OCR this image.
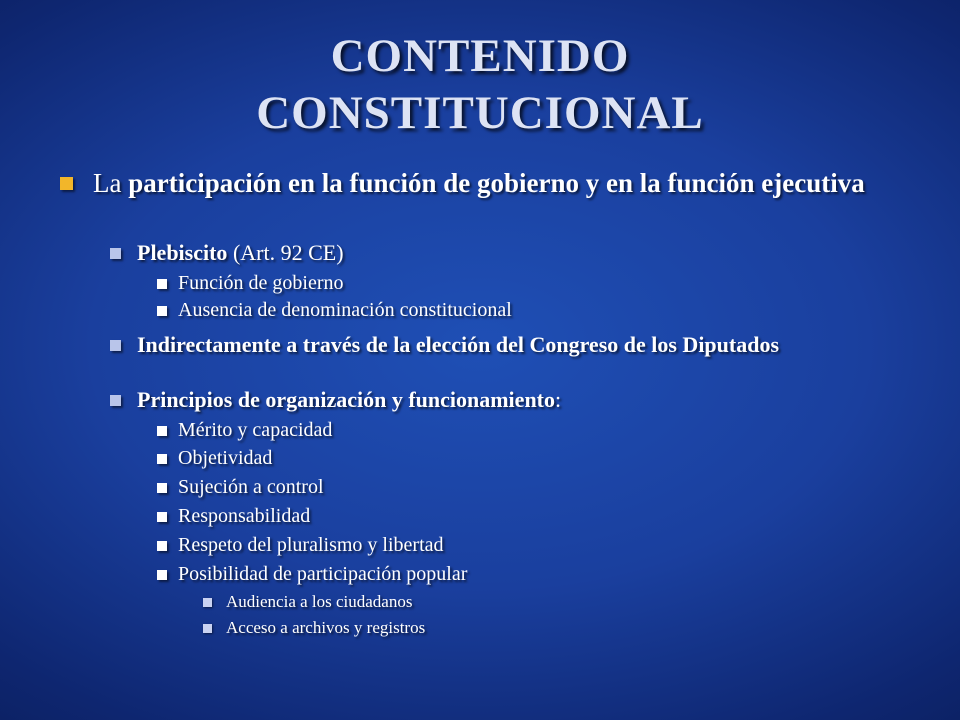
CONTENIDO
CONSTITUCIONAL
La participación en la función de gobierno y en la función ejecutiva
Plebiscito (Art. 92 CE)
Función de gobierno
Ausencia de denominación constitucional
Indirectamente a través de la elección del Congreso de los Diputados
Principios de organización y funcionamiento:
Mérito y capacidad
Objetividad
Sujeción a control
Responsabilidad
Respeto del pluralismo y libertad
Posibilidad de participación popular
Audiencia a los ciudadanos
Acceso a archivos y registros
